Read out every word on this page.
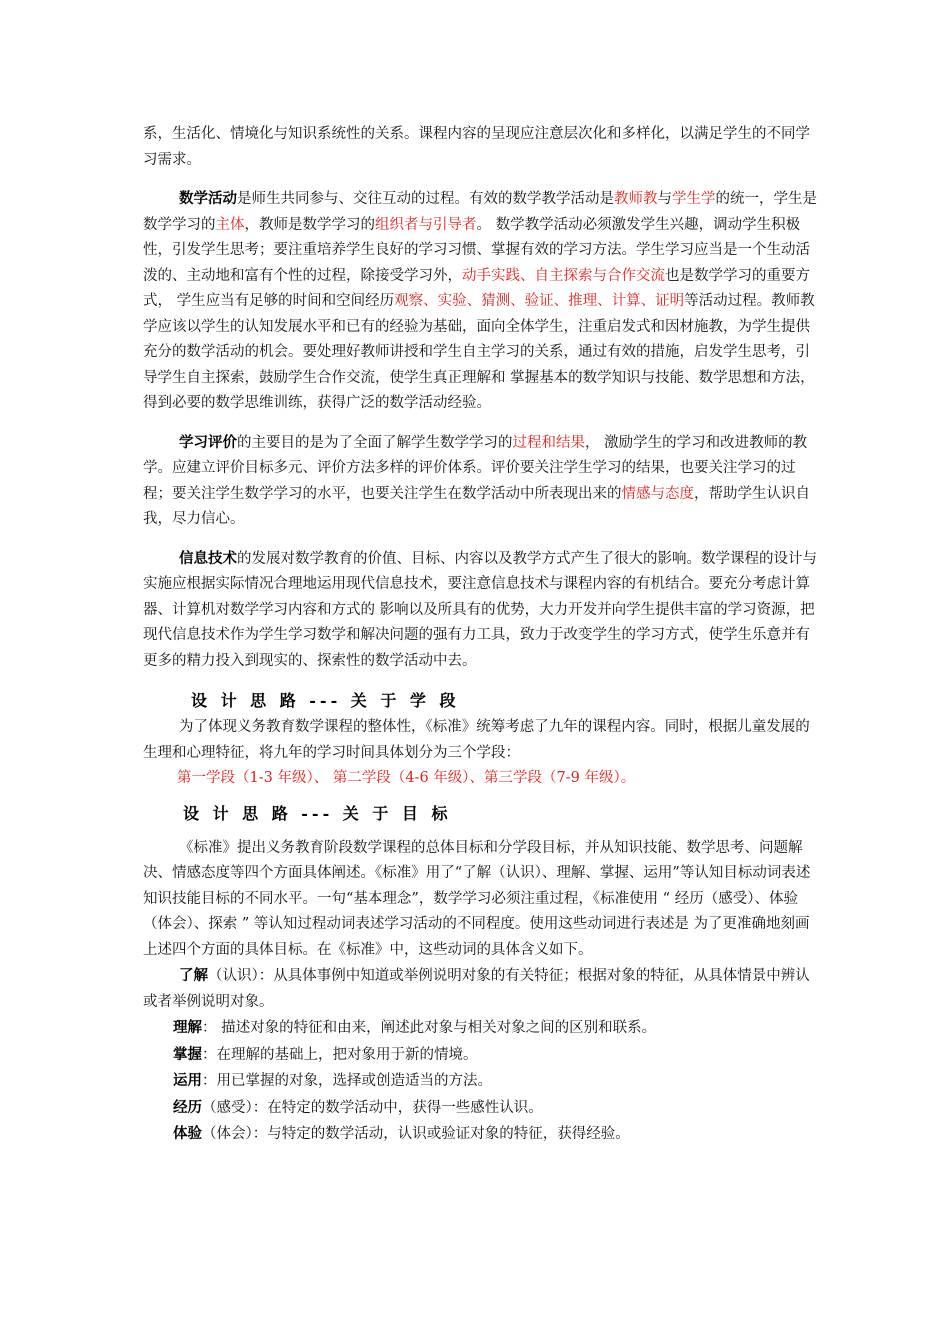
系，生活化、情境化与知识系统性的关系。课程内容的呈现应注意层次化和多样化，以满足学生的不同学习需求。

数学活动是师生共同参与、交往互动的过程。有效的数学教学活动是教师教与学生学的统一，学生是数学学习的主体，教师是数学学习的组织者与引导者。 数学教学活动必须激发学生兴趣，调动学生积极性，引发学生思考；要注重培养学生良好的学习习惯、掌握有效的学习方法。学生学习应当是一个生动活泼的、主动地和富有个性的过程，除接受学习外，动手实践、自主探索与合作交流也是数学学习的重要方式， 学生应当有足够的时间和空间经历观察、实验、猜测、验证、推理、计算、证明等活动过程。教师教学应该以学生的认知发展水平和已有的经验为基础，面向全体学生，注重启发式和因材施教，为学生提供充分的数学活动的机会。要处理好教师讲授和学生自主学习的关系，通过有效的措施，启发学生思考，引导学生自主探索，鼓励学生合作交流，使学生真正理解和 掌握基本的数学知识与技能、数学思想和方法，得到必要的数学思维训练，获得广泛的数学活动经验。

学习评价的主要目的是为了全面了解学生数学学习的过程和结果， 激励学生的学习和改进教师的教学。应建立评价目标多元、评价方法多样的评价体系。评价要关注学生学习的结果，也要关注学习的过程；要关注学生数学学习的水平，也要关注学生在数学活动中所表现出来的情感与态度，帮助学生认识自我，尽力信心。

信息技术的发展对数学教育的价值、目标、内容以及教学方式产生了很大的影响。数学课程的设计与实施应根据实际情况合理地运用现代信息技术，要注意信息技术与课程内容的有机结合。要充分考虑计算器、计算机对数学学习内容和方式的 影响以及所具有的优势，大力开发并向学生提供丰富的学习资源，把现代信息技术作为学生学习数学和解决问题的强有力工具，致力于改变学生的学习方式，使学生乐意并有更多的精力投入到现实的、探索性的数学活动中去。

设 计 思 路 --- 关 于 学 段

为了体现义务教育数学课程的整体性，《标准》统筹考虑了九年的课程内容。同时，根据儿童发展的生理和心理特征，将九年的学习时间具体划分为三个学段：

第一学段（1-3 年级）、 第二学段（4-6 年级）、第三学段（7-9 年级）。

设 计 思 路 --- 关 于 目 标

《标准》提出义务教育阶段数学课程的总体目标和分学段目标，并从知识技能、数学思考、问题解决、情感态度等四个方面具体阐述。《标准》用了“了解（认识）、理解、掌握、运用”等认知目标动词表述知识技能目标的不同水平。一句“基本理念”，数学学习必须注重过程，《标准使用 “ 经历（感受）、体验（体会）、探索 ” 等认知过程动词表述学习活动的不同程度。使用这些动词进行表述是 为了更准确地刻画上述四个方面的具体目标。在《标准》中，这些动词的具体含义如下。

了解（认识）：从具体事例中知道或举例说明对象的有关特征；根据对象的特征，从具体情景中辨认或者举例说明对象。

理解： 描述对象的特征和由来，阐述此对象与相关对象之间的区别和联系。

掌握：在理解的基础上，把对象用于新的情境。

运用：用已掌握的对象，选择或创造适当的方法。

经历（感受）：在特定的数学活动中，获得一些感性认识。

体验（体会）：与特定的数学活动，认识或验证对象的特征，获得经验。
